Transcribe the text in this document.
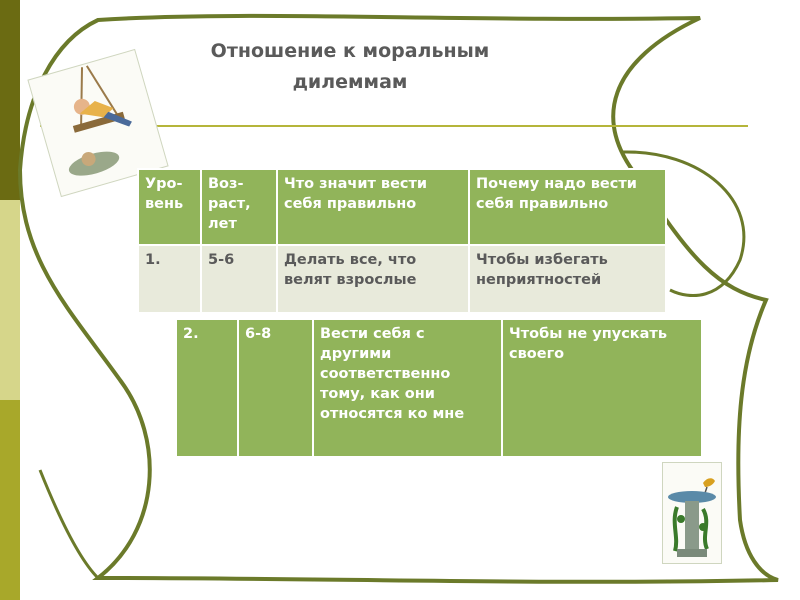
Отношение к моральным
дилеммам
Уро-вень	Воз-раст, лет	Что значит вести себя правильно	Почему надо вести себя правильно
1.	5-6	Делать все, что велят взрослые	Чтобы избегать неприятностей
2.	6-8	Вести себя с другими соответственно тому, как они относятся ко мне	Чтобы не упускать своего
